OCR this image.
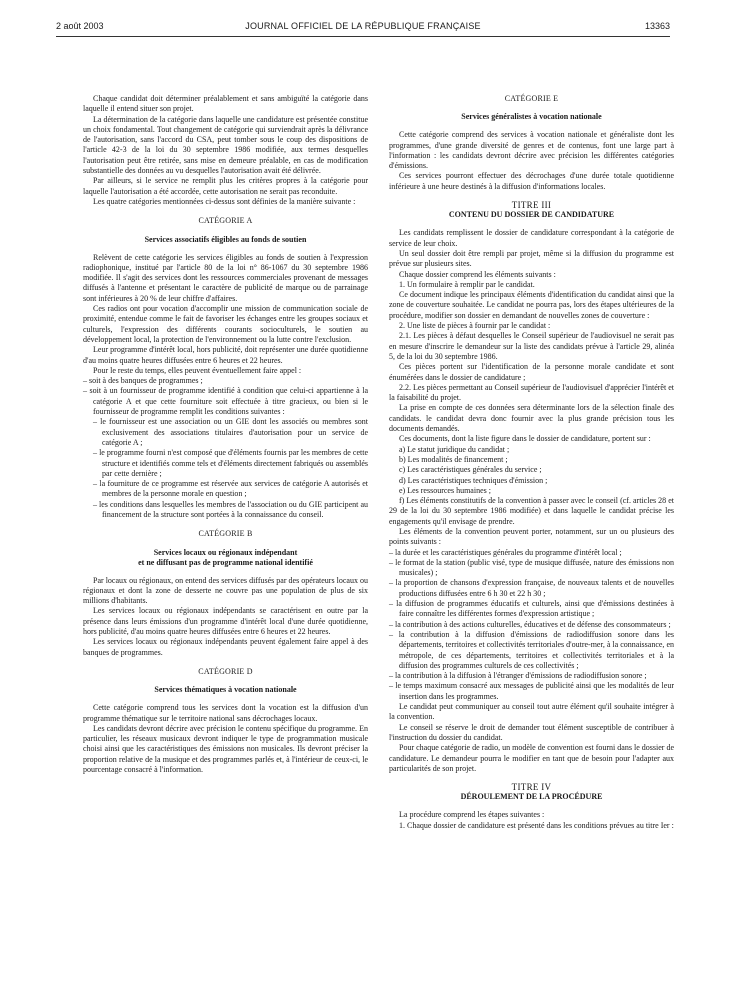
2 août 2003	JOURNAL OFFICIEL DE LA RÉPUBLIQUE FRANÇAISE	13363

Chaque candidat doit déterminer préalablement et sans ambiguïté la catégorie dans laquelle il entend situer son projet.

La détermination de la catégorie dans laquelle une candidature est présentée constitue un choix fondamental. Tout changement de catégorie qui surviendrait après la délivrance de l'autorisation, sans l'accord du CSA, peut tomber sous le coup des dispositions de l'article 42-3 de la loi du 30 septembre 1986 modifiée, aux termes desquelles l'autorisation peut être retirée, sans mise en demeure préalable, en cas de modification substantielle des données au vu desquelles l'autorisation avait été délivrée.

Par ailleurs, si le service ne remplit plus les critères propres à la catégorie pour laquelle l'autorisation a été accordée, cette autorisation ne serait pas reconduite.

Les quatre catégories mentionnées ci-dessus sont définies de la manière suivante :

CATÉGORIE A
Services associatifs éligibles au fonds de soutien

Relèvent de cette catégorie les services éligibles au fonds de soutien à l'expression radiophonique, institué par l'article 80 de la loi n° 86-1067 du 30 septembre 1986 modifiée. Il s'agit des services dont les ressources commerciales provenant de messages diffusés à l'antenne et présentant le caractère de publicité de marque ou de parrainage sont inférieures à 20 % de leur chiffre d'affaires.

Ces radios ont pour vocation d'accomplir une mission de communication sociale de proximité, entendue comme le fait de favoriser les échanges entre les groupes sociaux et culturels, l'expression des différents courants socioculturels, le soutien au développement local, la protection de l'environnement ou la lutte contre l'exclusion.

Leur programme d'intérêt local, hors publicité, doit représenter une durée quotidienne d'au moins quatre heures diffusées entre 6 heures et 22 heures.

Pour le reste du temps, elles peuvent éventuellement faire appel :

– soit à des banques de programmes ;
– soit à un fournisseur de programme identifié à condition que celui-ci appartienne à la catégorie A et que cette fourniture soit effectuée à titre gracieux, ou bien si le fournisseur de programme remplit les conditions suivantes :
– le fournisseur est une association ou un GIE dont les associés ou membres sont exclusivement des associations titulaires d'autorisation pour un service de catégorie A ;
– le programme fourni n'est composé que d'éléments fournis par les membres de cette structure et identifiés comme tels et d'éléments directement fabriqués ou assemblés par cette dernière ;
– la fourniture de ce programme est réservée aux services de catégorie A autorisés et membres de la personne morale en question ;
– les conditions dans lesquelles les membres de l'association ou du GIE participent au financement de la structure sont portées à la connaissance du conseil.
CATÉGORIE B
Services locaux ou régionaux indépendant
et ne diffusant pas de programme national identifié

Par locaux ou régionaux, on entend des services diffusés par des opérateurs locaux ou régionaux et dont la zone de desserte ne couvre pas une population de plus de six millions d'habitants.

Les services locaux ou régionaux indépendants se caractérisent en outre par la présence dans leurs émissions d'un programme d'intérêt local d'une durée quotidienne, hors publicité, d'au moins quatre heures diffusées entre 6 heures et 22 heures.

Les services locaux ou régionaux indépendants peuvent également faire appel à des banques de programmes.

CATÉGORIE D
Services thématiques à vocation nationale

Cette catégorie comprend tous les services dont la vocation est la diffusion d'un programme thématique sur le territoire national sans décrochages locaux.

Les candidats devront décrire avec précision le contenu spécifique du programme. En particulier, les réseaux musicaux devront indiquer le type de programmation musicale choisi ainsi que les caractéristiques des émissions non musicales. Ils devront préciser la proportion relative de la musique et des programmes parlés et, à l'intérieur de ceux-ci, le pourcentage consacré à l'information.

CATÉGORIE E
Services généralistes à vocation nationale

Cette catégorie comprend des services à vocation nationale et généraliste dont les programmes, d'une grande diversité de genres et de contenus, font une large part à l'information : les candidats devront décrire avec précision les différentes catégories d'émissions.

Ces services pourront effectuer des décrochages d'une durée totale quotidienne inférieure à une heure destinés à la diffusion d'informations locales.

TITRE III
CONTENU DU DOSSIER DE CANDIDATURE

Les candidats remplissent le dossier de candidature correspondant à la catégorie de service de leur choix.

Un seul dossier doit être rempli par projet, même si la diffusion du programme est prévue sur plusieurs sites.

Chaque dossier comprend les éléments suivants :

1. Un formulaire à remplir par le candidat.

Ce document indique les principaux éléments d'identification du candidat ainsi que la zone de couverture souhaitée. Le candidat ne pourra pas, lors des étapes ultérieures de la procédure, modifier son dossier en demandant de nouvelles zones de couverture :

2. Une liste de pièces à fournir par le candidat :

2.1. Les pièces à défaut desquelles le Conseil supérieur de l'audiovisuel ne serait pas en mesure d'inscrire le demandeur sur la liste des candidats prévue à l'article 29, alinéa 5, de la loi du 30 septembre 1986.

Ces pièces portent sur l'identification de la personne morale candidate et sont énumérées dans le dossier de candidature ;

2.2. Les pièces permettant au Conseil supérieur de l'audiovisuel d'apprécier l'intérêt et la faisabilité du projet.

La prise en compte de ces données sera déterminante lors de la sélection finale des candidats. le candidat devra donc fournir avec la plus grande précision tous les documents demandés.

Ces documents, dont la liste figure dans le dossier de candidature, portent sur :

a) Le statut juridique du candidat ;
b) Les modalités de financement ;
c) Les caractéristiques générales du service ;
d) Les caractéristiques techniques d'émission ;
e) Les ressources humaines ;

f) Les éléments constitutifs de la convention à passer avec le conseil (cf. articles 28 et 29 de la loi du 30 septembre 1986 modifiée) et dans laquelle le candidat précise les engagements qu'il envisage de prendre.

Les éléments de la convention peuvent porter, notamment, sur un ou plusieurs des points suivants :

– la durée et les caractéristiques générales du programme d'intérêt local ;
– le format de la station (public visé, type de musique diffusée, nature des émissions non musicales) ;
– la proportion de chansons d'expression française, de nouveaux talents et de nouvelles productions diffusées entre 6 h 30 et 22 h 30 ;
– la diffusion de programmes éducatifs et culturels, ainsi que d'émissions destinées à faire connaître les différentes formes d'expression artistique ;
– la contribution à des actions culturelles, éducatives et de défense des consommateurs ;
– la contribution à la diffusion d'émissions de radiodiffusion sonore dans les départements, territoires et collectivités territoriales d'outre-mer, à la connaissance, en métropole, de ces départements, territoires et collectivités territoriales et à la diffusion des programmes culturels de ces collectivités ;
– la contribution à la diffusion à l'étranger d'émissions de radiodiffusion sonore ;
– le temps maximum consacré aux messages de publicité ainsi que les modalités de leur insertion dans les programmes.

Le candidat peut communiquer au conseil tout autre élément qu'il souhaite intégrer à la convention.

Le conseil se réserve le droit de demander tout élément susceptible de contribuer à l'instruction du dossier du candidat.

Pour chaque catégorie de radio, un modèle de convention est fourni dans le dossier de candidature. Le demandeur pourra le modifier en tant que de besoin pour l'adapter aux particularités de son projet.

TITRE IV
DÉROULEMENT DE LA PROCÉDURE

La procédure comprend les étapes suivantes :

1. Chaque dossier de candidature est présenté dans les conditions prévues au titre Ier :
